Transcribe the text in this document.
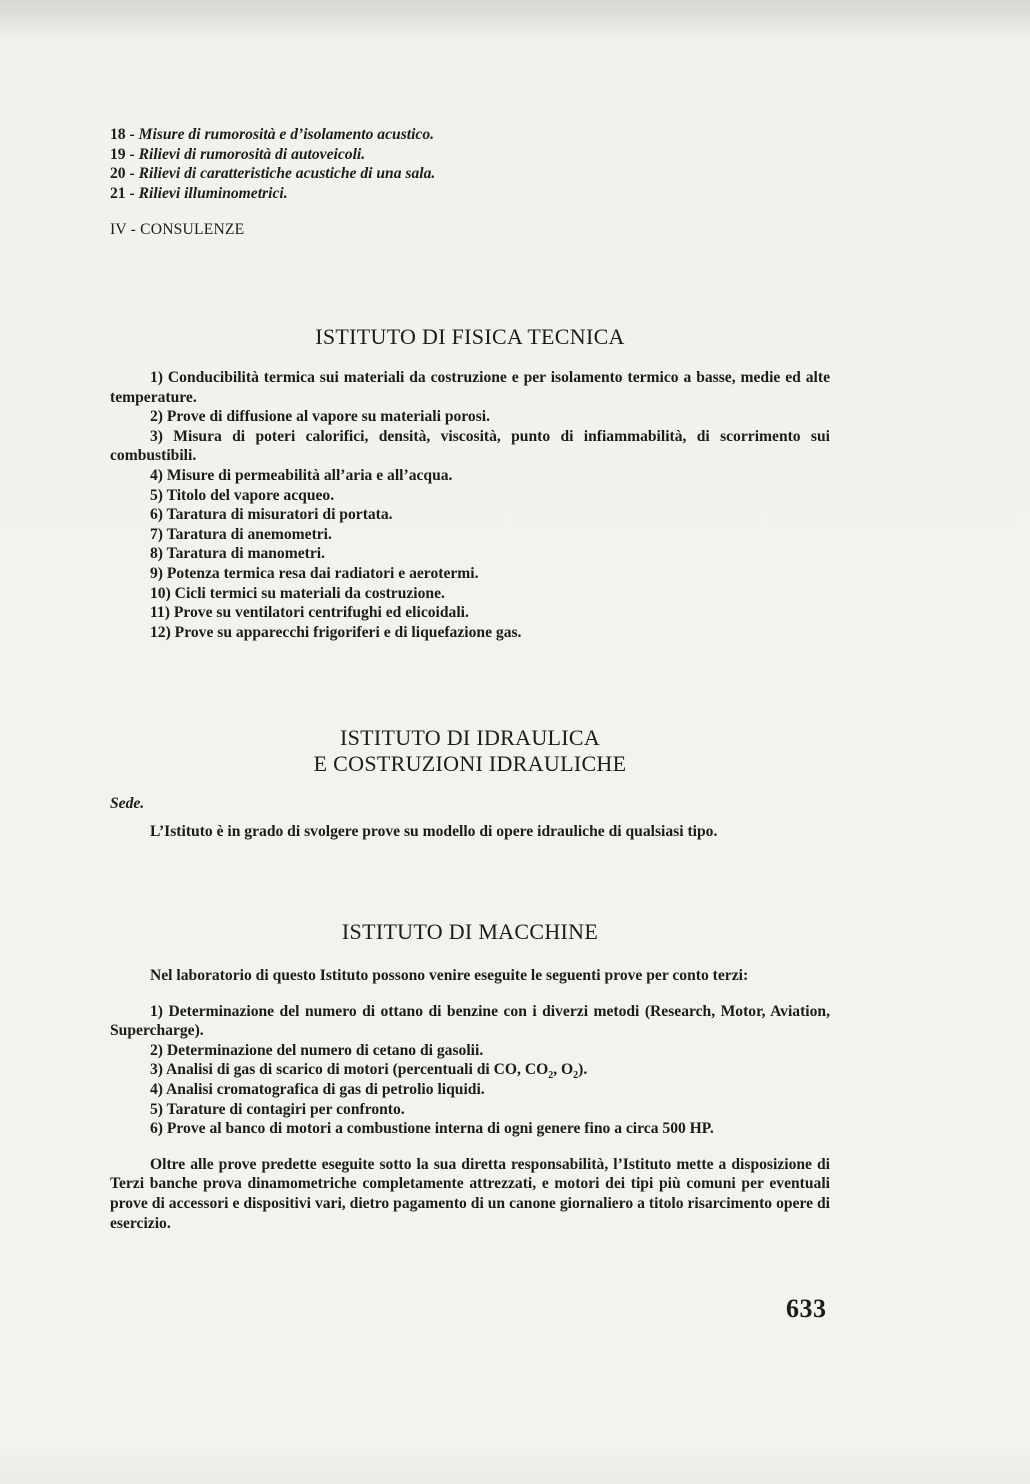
18 - Misure di rumorosità e d’isolamento acustico.
19 - Rilievi di rumorosità di autoveicoli.
20 - Rilievi di caratteristiche acustiche di una sala.
21 - Rilievi illuminometrici.
IV - CONSULENZE
ISTITUTO DI FISICA TECNICA

1) Conducibilità termica sui materiali da costruzione e per isolamento termico a basse, medie ed alte temperature.

2) Prove di diffusione al vapore su materiali porosi.

3) Misura di poteri calorifici, densità, viscosità, punto di infiammabilità, di scorrimento sui combustibili.

4) Misure di permeabilità all’aria e all’acqua.

5) Titolo del vapore acqueo.

6) Taratura di misuratori di portata.

7) Taratura di anemometri.

8) Taratura di manometri.

9) Potenza termica resa dai radiatori e aerotermi.

10) Cicli termici su materiali da costruzione.

11) Prove su ventilatori centrifughi ed elicoidali.

12) Prove su apparecchi frigoriferi e di liquefazione gas.

ISTITUTO DI IDRAULICA
E COSTRUZIONI IDRAULICHE
Sede.

L’Istituto è in grado di svolgere prove su modello di opere idrauliche di qualsiasi tipo.

ISTITUTO DI MACCHINE

Nel laboratorio di questo Istituto possono venire eseguite le seguenti prove per conto terzi:

1) Determinazione del numero di ottano di benzine con i diverzi metodi (Research, Motor, Aviation, Supercharge).

2) Determinazione del numero di cetano di gasolii.

3) Analisi di gas di scarico di motori (percentuali di CO, $CO_2$, $O_2$).

4) Analisi cromatografica di gas di petrolio liquidi.

5) Tarature di contagiri per confronto.

6) Prove al banco di motori a combustione interna di ogni genere fino a circa 500 HP.

Oltre alle prove predette eseguite sotto la sua diretta responsabilità, l’Istituto mette a disposizione di Terzi banche prova dinamometriche completamente attrezzati, e motori dei tipi più comuni per eventuali prove di accessori e dispositivi vari, dietro pagamento di un canone giornaliero a titolo risarcimento opere di esercizio.

633
